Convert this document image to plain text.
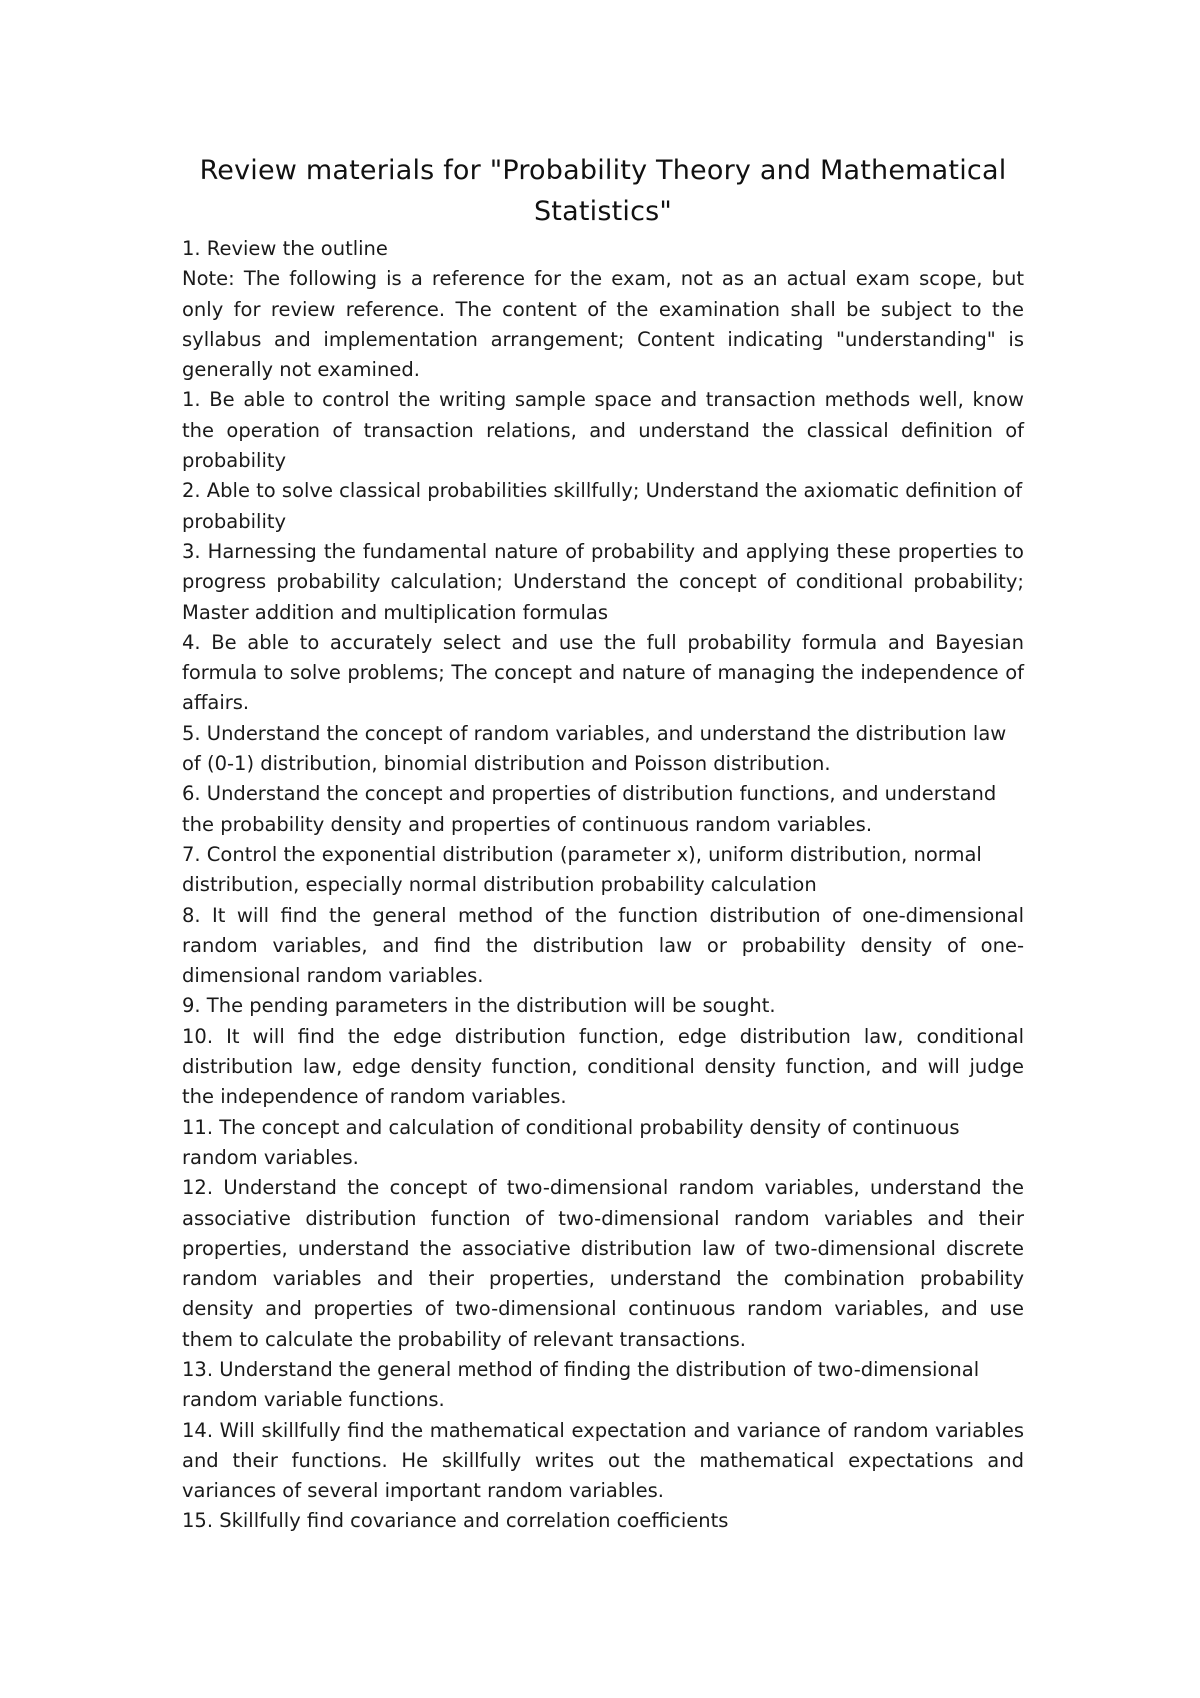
Review materials for "Probability Theory and Mathematical Statistics"

1. Review the outline

Note: The following is a reference for the exam, not as an actual exam scope, but only for review reference. The content of the examination shall be subject to the syllabus and implementation arrangement; Content indicating "understanding" is generally not examined.

1. Be able to control the writing sample space and transaction methods well, know the operation of transaction relations, and understand the classical definition of probability

2. Able to solve classical probabilities skillfully; Understand the axiomatic definition of probability

3. Harnessing the fundamental nature of probability and applying these properties to progress probability calculation; Understand the concept of conditional probability; Master addition and multiplication formulas

4. Be able to accurately select and use the full probability formula and Bayesian formula to solve problems; The concept and nature of managing the independence of affairs.

5. Understand the concept of random variables, and understand the distribution law of (0-1) distribution, binomial distribution and Poisson distribution.

6. Understand the concept and properties of distribution functions, and understand the probability density and properties of continuous random variables.

7. Control the exponential distribution (parameter x), uniform distribution, normal distribution, especially normal distribution probability calculation

8. It will find the general method of the function distribution of one-dimensional random variables, and find the distribution law or probability density of one-dimensional random variables.

9. The pending parameters in the distribution will be sought.

10. It will find the edge distribution function, edge distribution law, conditional distribution law, edge density function, conditional density function, and will judge the independence of random variables.

11. The concept and calculation of conditional probability density of continuous random variables.

12. Understand the concept of two-dimensional random variables, understand the associative distribution function of two-dimensional random variables and their properties, understand the associative distribution law of two-dimensional discrete random variables and their properties, understand the combination probability density and properties of two-dimensional continuous random variables, and use them to calculate the probability of relevant transactions.

13. Understand the general method of finding the distribution of two-dimensional random variable functions.

14. Will skillfully find the mathematical expectation and variance of random variables and their functions. He skillfully writes out the mathematical expectations and variances of several important random variables.

15. Skillfully find covariance and correlation coefficients
